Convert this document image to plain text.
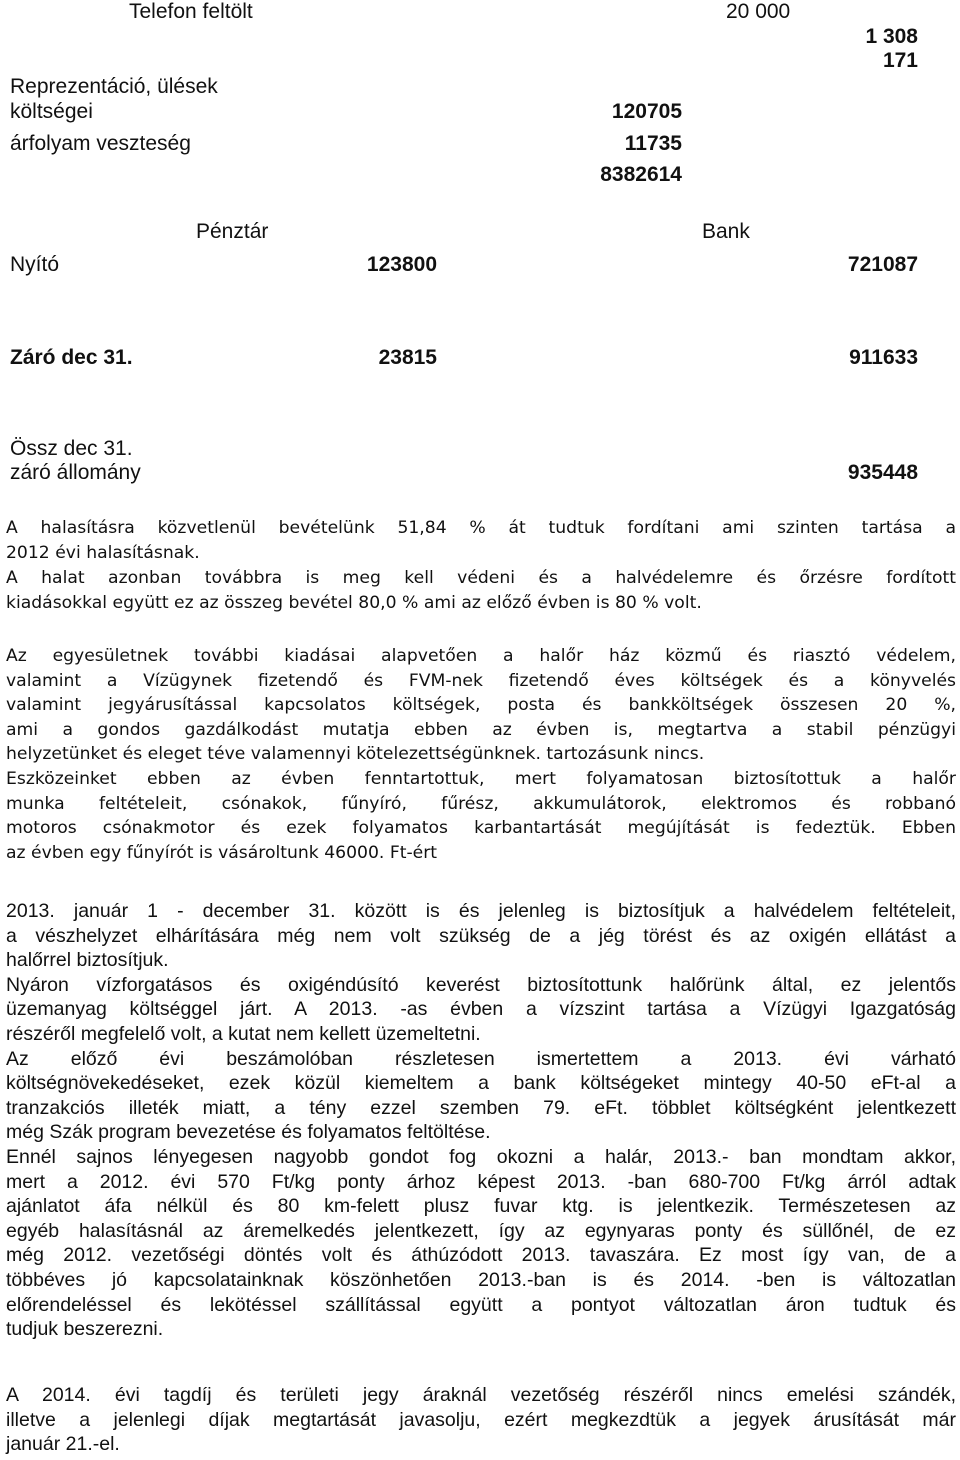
Telefon feltölt	20 000
1 308
171
Reprezentáció, ülések
költségei	120705
árfolyam veszteség	11735
8382614
Pénztár	Bank
Nyító	123800	721087
Záró dec 31.	23815	911633
Össz dec 31.
záró állomány	935448
A halasításra közvetlenül bevételünk 51,84 % át tudtuk fordítani ami szinten tartása a
2012 évi halasításnak.
A halat azonban továbbra is meg kell védeni és a halvédelemre és őrzésre fordított
kiadásokkal együtt ez az összeg bevétel 80,0 % ami az előző évben is 80 % volt.
Az egyesületnek további kiadásai alapvetően a halőr ház közmű és riasztó védelem,
valamint a Vízügynek fizetendő és FVM-nek fizetendő éves költségek és a könyvelés
valamint jegyárusítással kapcsolatos költségek, posta és bankköltségek összesen 20 %,
ami a gondos gazdálkodást mutatja ebben az évben is, megtartva a stabil pénzügyi
helyzetünket és eleget téve valamennyi kötelezettségünknek. tartozásunk nincs.
Eszközeinket ebben az évben fenntartottuk, mert folyamatosan biztosítottuk a halőr
munka feltételeit, csónakok, fűnyíró, fűrész, akkumulátorok, elektromos és robbanó
motoros csónakmotor és ezek folyamatos karbantartását megújítását is fedeztük. Ebben
az évben egy fűnyírót is vásároltunk 46000. Ft-ért
2013. január 1 - december 31. között is és jelenleg is biztosítjuk a halvédelem feltételeit,
a vészhelyzet elhárítására még nem volt szükség de a jég törést és az oxigén ellátást a
halőrrel biztosítjuk.
Nyáron vízforgatásos és oxigéndúsító keverést biztosítottunk halőrünk által, ez jelentős
üzemanyag költséggel járt. A 2013. -as évben a vízszint tartása a Vízügyi Igazgatóság
részéről megfelelő volt, a kutat nem kellett üzemeltetni.
Az előző évi beszámolóban részletesen ismertettem a 2013. évi várható
költségnövekedéseket, ezek közül kiemeltem a bank költségeket mintegy 40-50 eFt-al a
tranzakciós illeték miatt, a tény ezzel szemben 79. eFt. többlet költségként jelentkezett
még Szák program bevezetése és folyamatos feltöltése.
Ennél sajnos lényegesen nagyobb gondot fog okozni a halár, 2013.- ban mondtam akkor,
mert a 2012. évi 570 Ft/kg ponty árhoz képest 2013. -ban 680-700 Ft/kg árról adtak
ajánlatot áfa nélkül és 80 km-felett plusz fuvar ktg. is jelentkezik. Természetesen az
egyéb halasításnál az áremelkedés jelentkezett, így az egynyaras ponty és süllőnél, de ez
még 2012. vezetőségi döntés volt és áthúzódott 2013. tavaszára. Ez most így van, de a
többéves jó kapcsolatainknak köszönhetően 2013.-ban is és 2014. -ben is változatlan
előrendeléssel és lekötéssel szállítással együtt a pontyot változatlan áron tudtuk és
tudjuk beszerezni.
A 2014. évi tagdíj és területi jegy áraknál vezetőség részéről nincs emelési szándék,
illetve a jelenlegi díjak megtartását javasolju, ezért megkezdtük a jegyek árusítását már
január 21.-el.
